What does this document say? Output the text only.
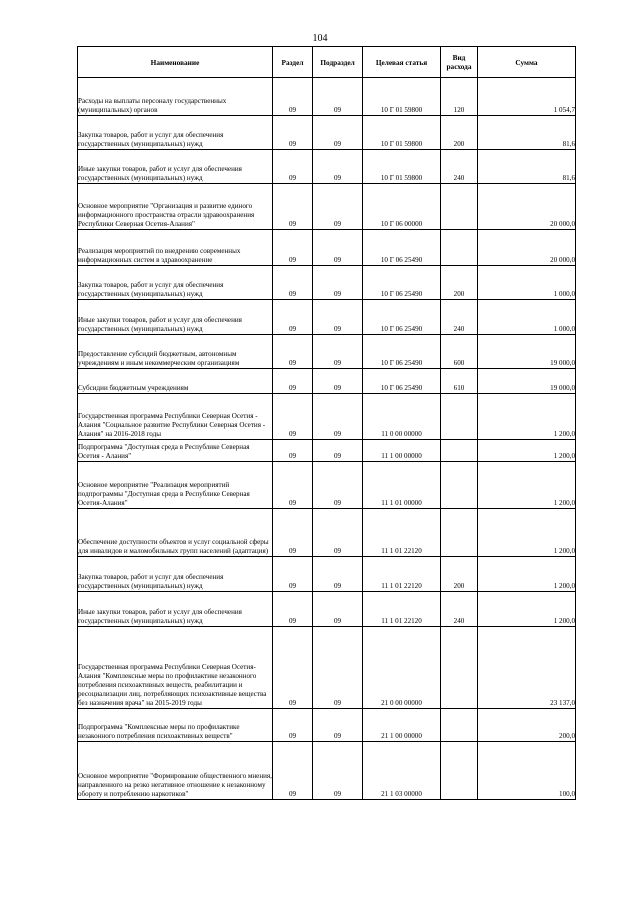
104
Наименование	Раздел	Подраздел	Целевая статья	Вид расхода	Сумма
Расходы на выплаты персоналу государственных (муниципальных) органов	09	09	10 Г 01 59800	120	1 054,7
Закупка товаров, работ и услуг для обеспечения государственных (муниципальных) нужд	09	09	10 Г 01 59800	200	81,6
Иные закупки товаров, работ и услуг для обеспечения государственных (муниципальных) нужд	09	09	10 Г 01 59800	240	81,6
Основное мероприятие "Организация и развитие единого информационного пространства отрасли здравоохранения Республики Северная Осетия-Алания"	09	09	10 Г 06 00000		20 000,0
Реализация мероприятий по внедрению современных информационных систем в здравоохранение	09	09	10 Г 06 25490		20 000,0
Закупка товаров, работ и услуг для обеспечения государственных (муниципальных) нужд	09	09	10 Г 06 25490	200	1 000,0
Иные закупки товаров, работ и услуг для обеспечения государственных (муниципальных) нужд	09	09	10 Г 06 25490	240	1 000,0
Предоставление субсидий бюджетным, автономным учреждениям и иным некоммерческим организациям	09	09	10 Г 06 25490	600	19 000,0
Субсидии бюджетным учреждениям	09	09	10 Г 06 25490	610	19 000,0
Государственная программа Республики Северная Осетия - Алания "Социальное развитие Республики Северная Осетия - Алания" на 2016-2018 годы	09	09	11 0 00 00000		1 200,0
Подпрограмма "Доступная среда в Республике Северная Осетия - Алания"	09	09	11 1 00 00000		1 200,0
Основное мероприятие "Реализация мероприятий подпрограммы "Доступная среда в Республике Северная Осетия-Алания"	09	09	11 1 01 00000		1 200,0
Обеспечение доступности объектов и услуг социальной сферы для инвалидов и маломобильных групп населений (адаптация)	09	09	11 1 01 22120		1 200,0
Закупка товаров, работ и услуг для обеспечения государственных (муниципальных) нужд	09	09	11 1 01 22120	200	1 200,0
Иные закупки товаров, работ и услуг для обеспечения государственных (муниципальных) нужд	09	09	11 1 01 22120	240	1 200,0
Государственная программа Республики Северная Осетия-Алания "Комплексные меры по профилактике незаконного потребления психоактивных веществ, реабилитации и ресоциализации лиц, потребляющих психоактивные вещества без назначения врача" на 2015-2019 годы	09	09	21 0 00 00000		23 137,0
Подпрограмма "Комплексные меры по профилактике незаконного потребления психоактивных веществ"	09	09	21 1 00 00000		200,0
Основное мероприятие "Формирование общественного мнения, направленного на резко негативное отношение к незаконному обороту и потреблению наркотиков"	09	09	21 1 03 00000		100,0
